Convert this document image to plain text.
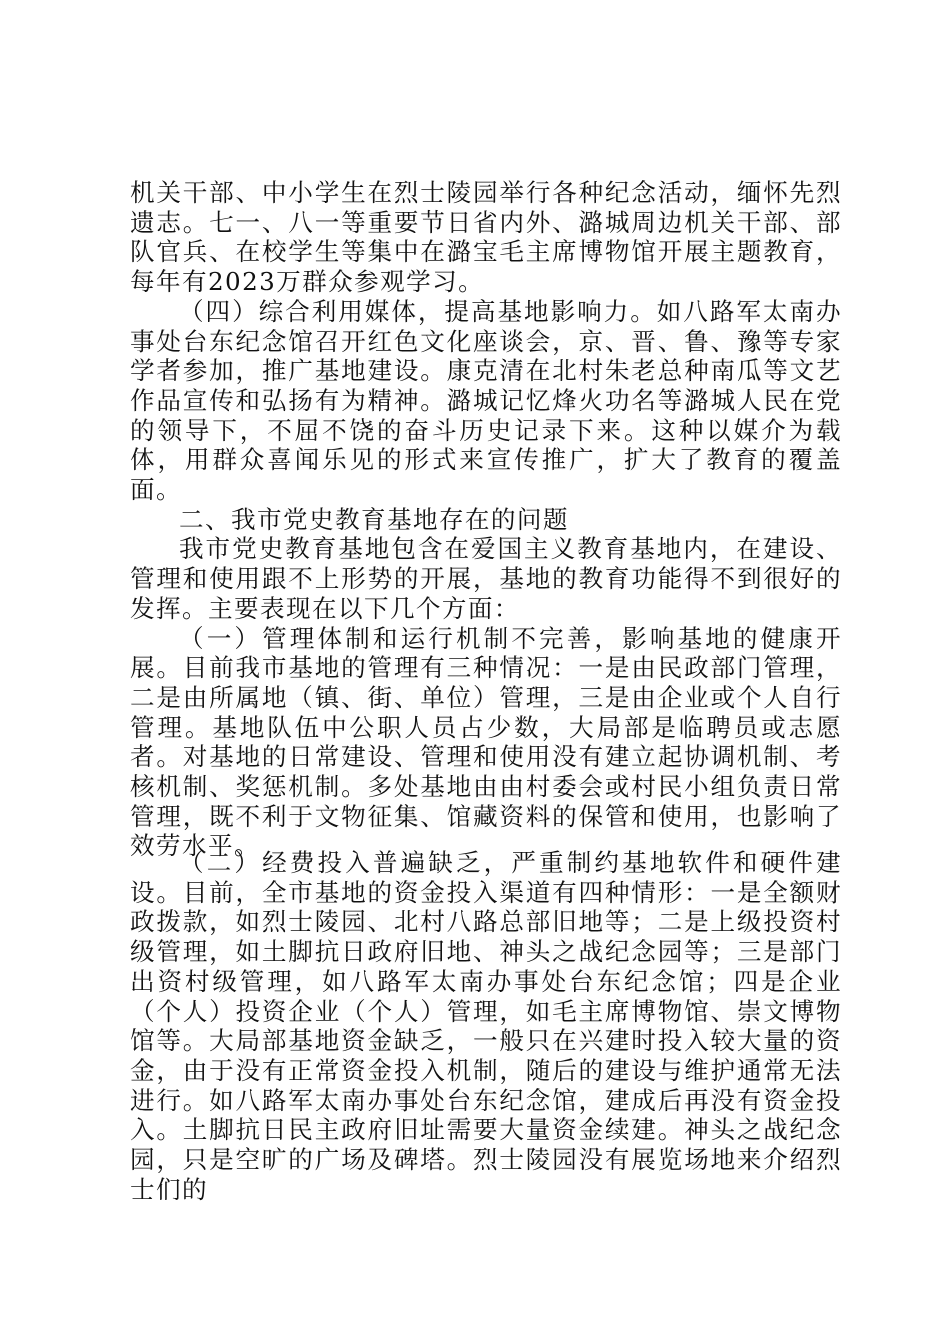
机关干部、中小学生在烈士陵园举行各种纪念活动，缅怀先烈遗志。七一、八一等重要节日省内外、潞城周边机关干部、部队官兵、在校学生等集中在潞宝毛主席博物馆开展主题教育，每年有2023万群众参观学习。

（四）综合利用媒体，提高基地影响力。如八路军太南办事处台东纪念馆召开红色文化座谈会，京、晋、鲁、豫等专家学者参加，推广基地建设。康克清在北村朱老总种南瓜等文艺作品宣传和弘扬有为精神。潞城记忆烽火功名等潞城人民在党的领导下，不屈不饶的奋斗历史记录下来。这种以媒介为载体，用群众喜闻乐见的形式来宣传推广，扩大了教育的覆盖面。

二、我市党史教育基地存在的问题

我市党史教育基地包含在爱国主义教育基地内，在建设、管理和使用跟不上形势的开展，基地的教育功能得不到很好的发挥。主要表现在以下几个方面：

（一）管理体制和运行机制不完善，影响基地的健康开展。目前我市基地的管理有三种情况：一是由民政部门管理，二是由所属地（镇、街、单位）管理，三是由企业或个人自行管理。基地队伍中公职人员占少数，大局部是临聘员或志愿者。对基地的日常建设、管理和使用没有建立起协调机制、考核机制、奖惩机制。多处基地由由村委会或村民小组负责日常管理，既不利于文物征集、馆藏资料的保管和使用，也影响了效劳水平。

（二）经费投入普遍缺乏，严重制约基地软件和硬件建设。目前，全市基地的资金投入渠道有四种情形：一是全额财政拨款，如烈士陵园、北村八路总部旧地等；二是上级投资村级管理，如土脚抗日政府旧地、神头之战纪念园等；三是部门出资村级管理，如八路军太南办事处台东纪念馆；四是企业（个人）投资企业（个人）管理，如毛主席博物馆、崇文博物馆等。大局部基地资金缺乏，一般只在兴建时投入较大量的资金，由于没有正常资金投入机制，随后的建设与维护通常无法进行。如八路军太南办事处台东纪念馆，建成后再没有资金投入。土脚抗日民主政府旧址需要大量资金续建。神头之战纪念园，只是空旷的广场及碑塔。烈士陵园没有展览场地来介绍烈士们的
